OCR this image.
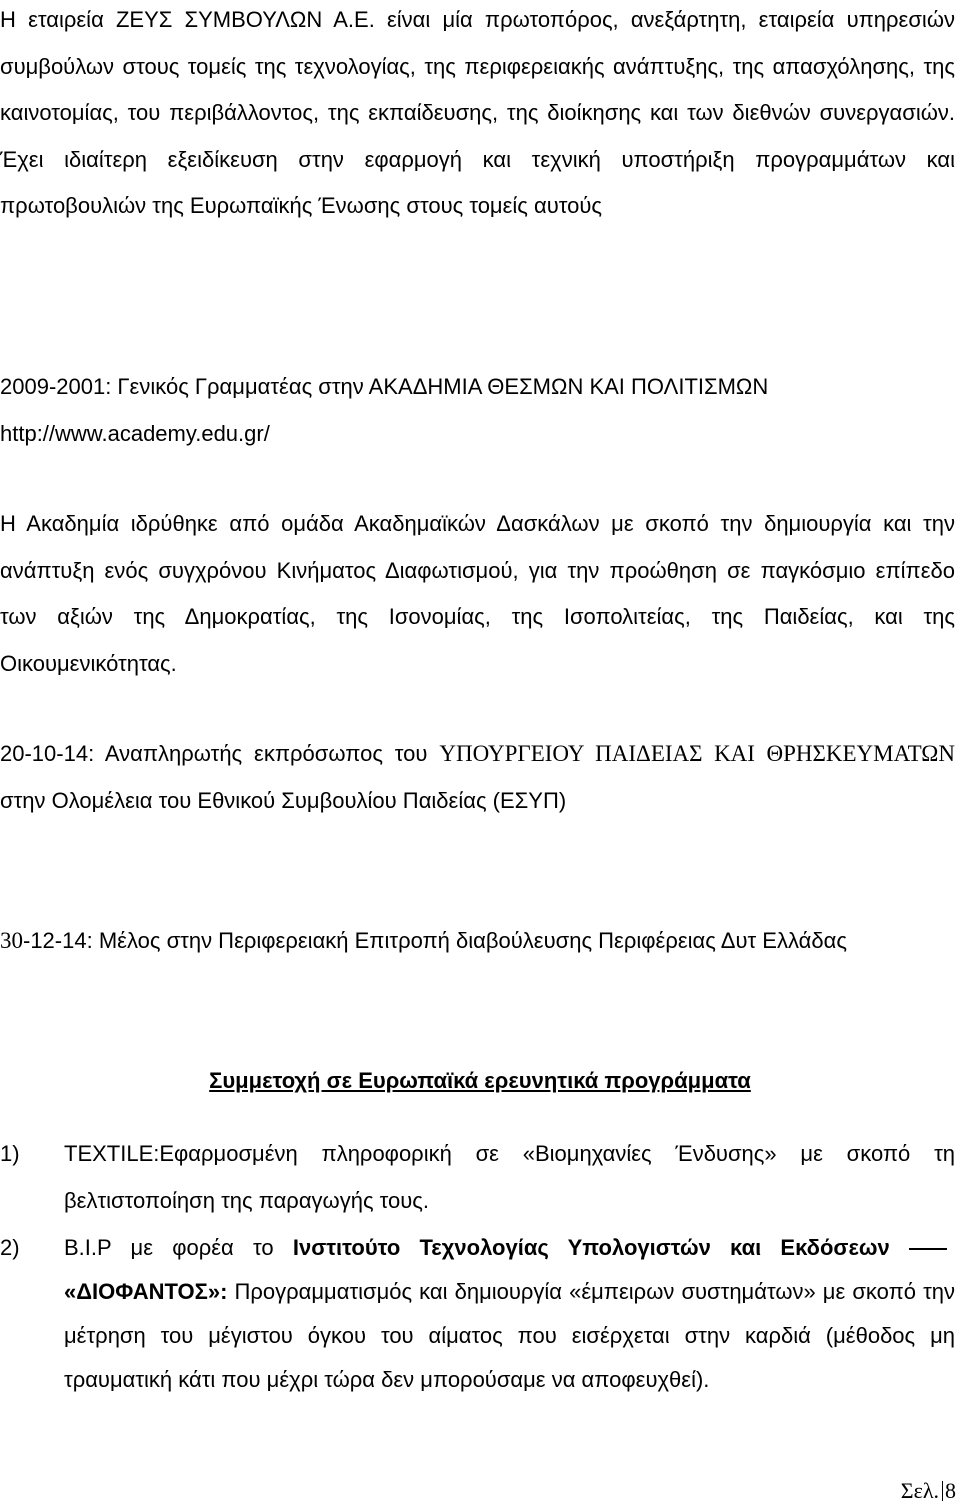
Η εταιρεία ΖΕΥΣ ΣΥΜΒΟΥΛΩΝ Α.Ε. είναι μία πρωτοπόρος, ανεξάρτητη, εταιρεία υπηρεσιών συμβούλων στους τομείς της τεχνολογίας, της περιφερειακής ανάπτυξης, της απασχόλησης, της καινοτομίας, του περιβάλλοντος, της εκπαίδευσης, της διοίκησης και των διεθνών συνεργασιών. Έχει ιδιαίτερη εξειδίκευση στην εφαρμογή και τεχνική υποστήριξη προγραμμάτων και πρωτοβουλιών της Ευρωπαϊκής Ένωσης στους τομείς αυτούς

2009-2001: Γενικός Γραμματέας στην ΑΚΑΔΗΜΙΑ ΘΕΣΜΩΝ ΚΑΙ ΠΟΛΙΤΙΣΜΩΝ
http://www.academy.edu.gr/

Η Ακαδημία ιδρύθηκε από ομάδα Ακαδημαϊκών Δασκάλων με σκοπό την δημιουργία και την ανάπτυξη ενός συγχρόνου Κινήματος Διαφωτισμού, για την προώθηση σε παγκόσμιο επίπεδο των αξιών της Δημοκρατίας, της Ισονομίας, της Ισοπολιτείας, της Παιδείας, και της Οικουμενικότητας.

20-10-14: Αναπληρωτής εκπρόσωπος του ΥΠΟΥΡΓΕΙΟΥ ΠΑΙΔΕΙΑΣ ΚΑΙ ΘΡΗΣΚΕΥΜΑΤΩΝ στην Ολομέλεια του Εθνικού Συμβουλίου Παιδείας (ΕΣΥΠ)

30-12-14: Μέλος στην Περιφερειακή Επιτροπή διαβούλευσης Περιφέρειας Δυτ Ελλάδας

Συμμετοχή σε Ευρωπαϊκά ερευνητικά προγράμματα

1) TEXTILE:Εφαρμοσμένη πληροφορική σε «Βιομηχανίες Ένδυσης» με σκοπό τη βελτιστοποίηση της παραγωγής τους.
2) B.I.P με φορέα το Ινστιτούτο Τεχνολογίας Υπολογιστών και Εκδόσεων «ΔΙΟΦΑΝΤΟΣ»: Προγραμματισμός και δημιουργία «έμπειρων συστημάτων» με σκοπό την μέτρηση του μέγιστου όγκου του αίματος που εισέρχεται στην καρδιά (μέθοδος μη τραυματική κάτι που μέχρι τώρα δεν μπορούσαμε να αποφευχθεί).
Σελ. 8
